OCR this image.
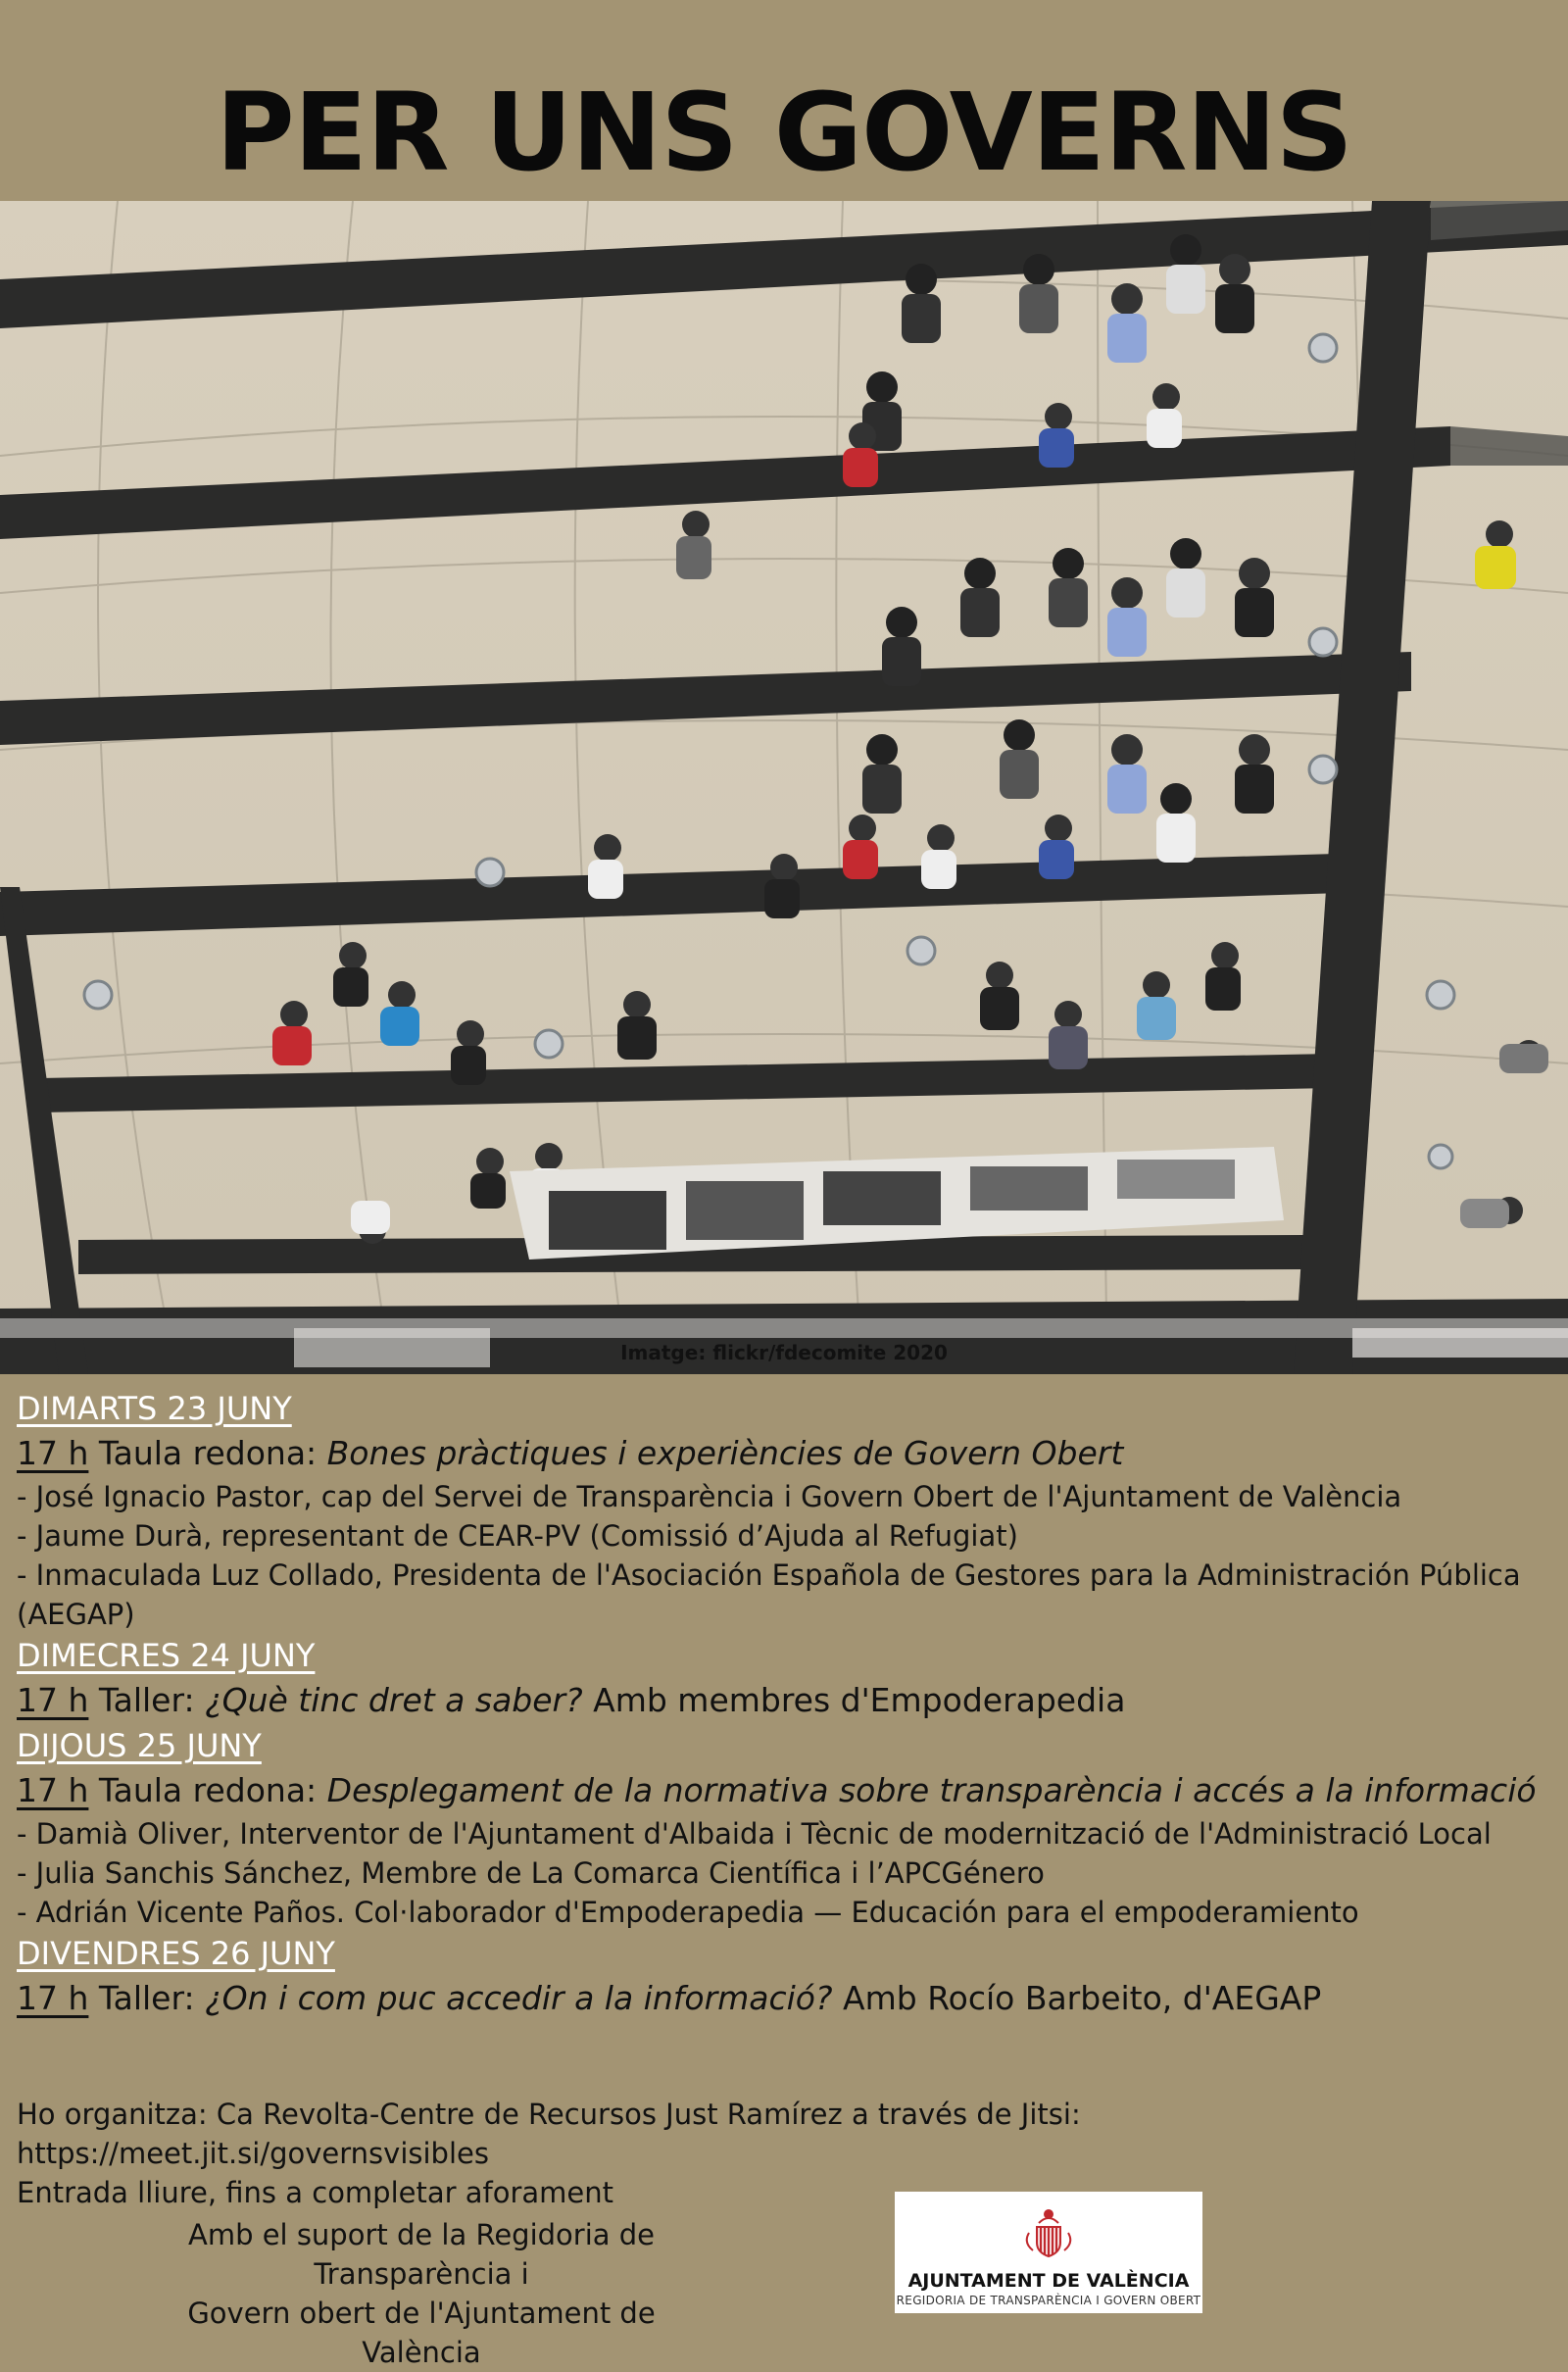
PER UNS GOVERNS
Imatge: flickr/fdecomite 2020
DIMARTS 23 JUNY
17 h Taula redona: Bones pràctiques i experiències de Govern Obert
- José Ignacio Pastor, cap del Servei de Transparència i Govern Obert de l'Ajuntament de València
- Jaume Durà, representant de CEAR-PV (Comissió d’Ajuda al Refugiat)
- Inmaculada Luz Collado, Presidenta de l'Asociación Española de Gestores para la Administración Pública (AEGAP)
DIMECRES 24 JUNY
17 h Taller: ¿Què tinc dret a saber? Amb membres d'Empoderapedia
DIJOUS 25 JUNY
17 h Taula redona: Desplegament de la normativa sobre transparència i accés a la informació
- Damià Oliver, Interventor de l'Ajuntament d'Albaida i Tècnic de modernització de l'Administració Local
- Julia Sanchis Sánchez, Membre de La Comarca Científica i l’APCGénero
- Adrián Vicente Paños. Col·laborador d'Empoderapedia — Educación para el empoderamiento
DIVENDRES 26 JUNY
17 h Taller: ¿On i com puc accedir a la informació? Amb Rocío Barbeito, d'AEGAP
Ho organitza: Ca Revolta-Centre de Recursos Just Ramírez a través de Jitsi: https://meet.jit.si/governsvisibles
Entrada lliure, fins a completar aforament
Amb el suport de la Regidoria de Transparència i
Govern obert de l'Ajuntament de València
AJUNTAMENT DE VALÈNCIA
REGIDORIA DE TRANSPARÈNCIA I GOVERN OBERT
